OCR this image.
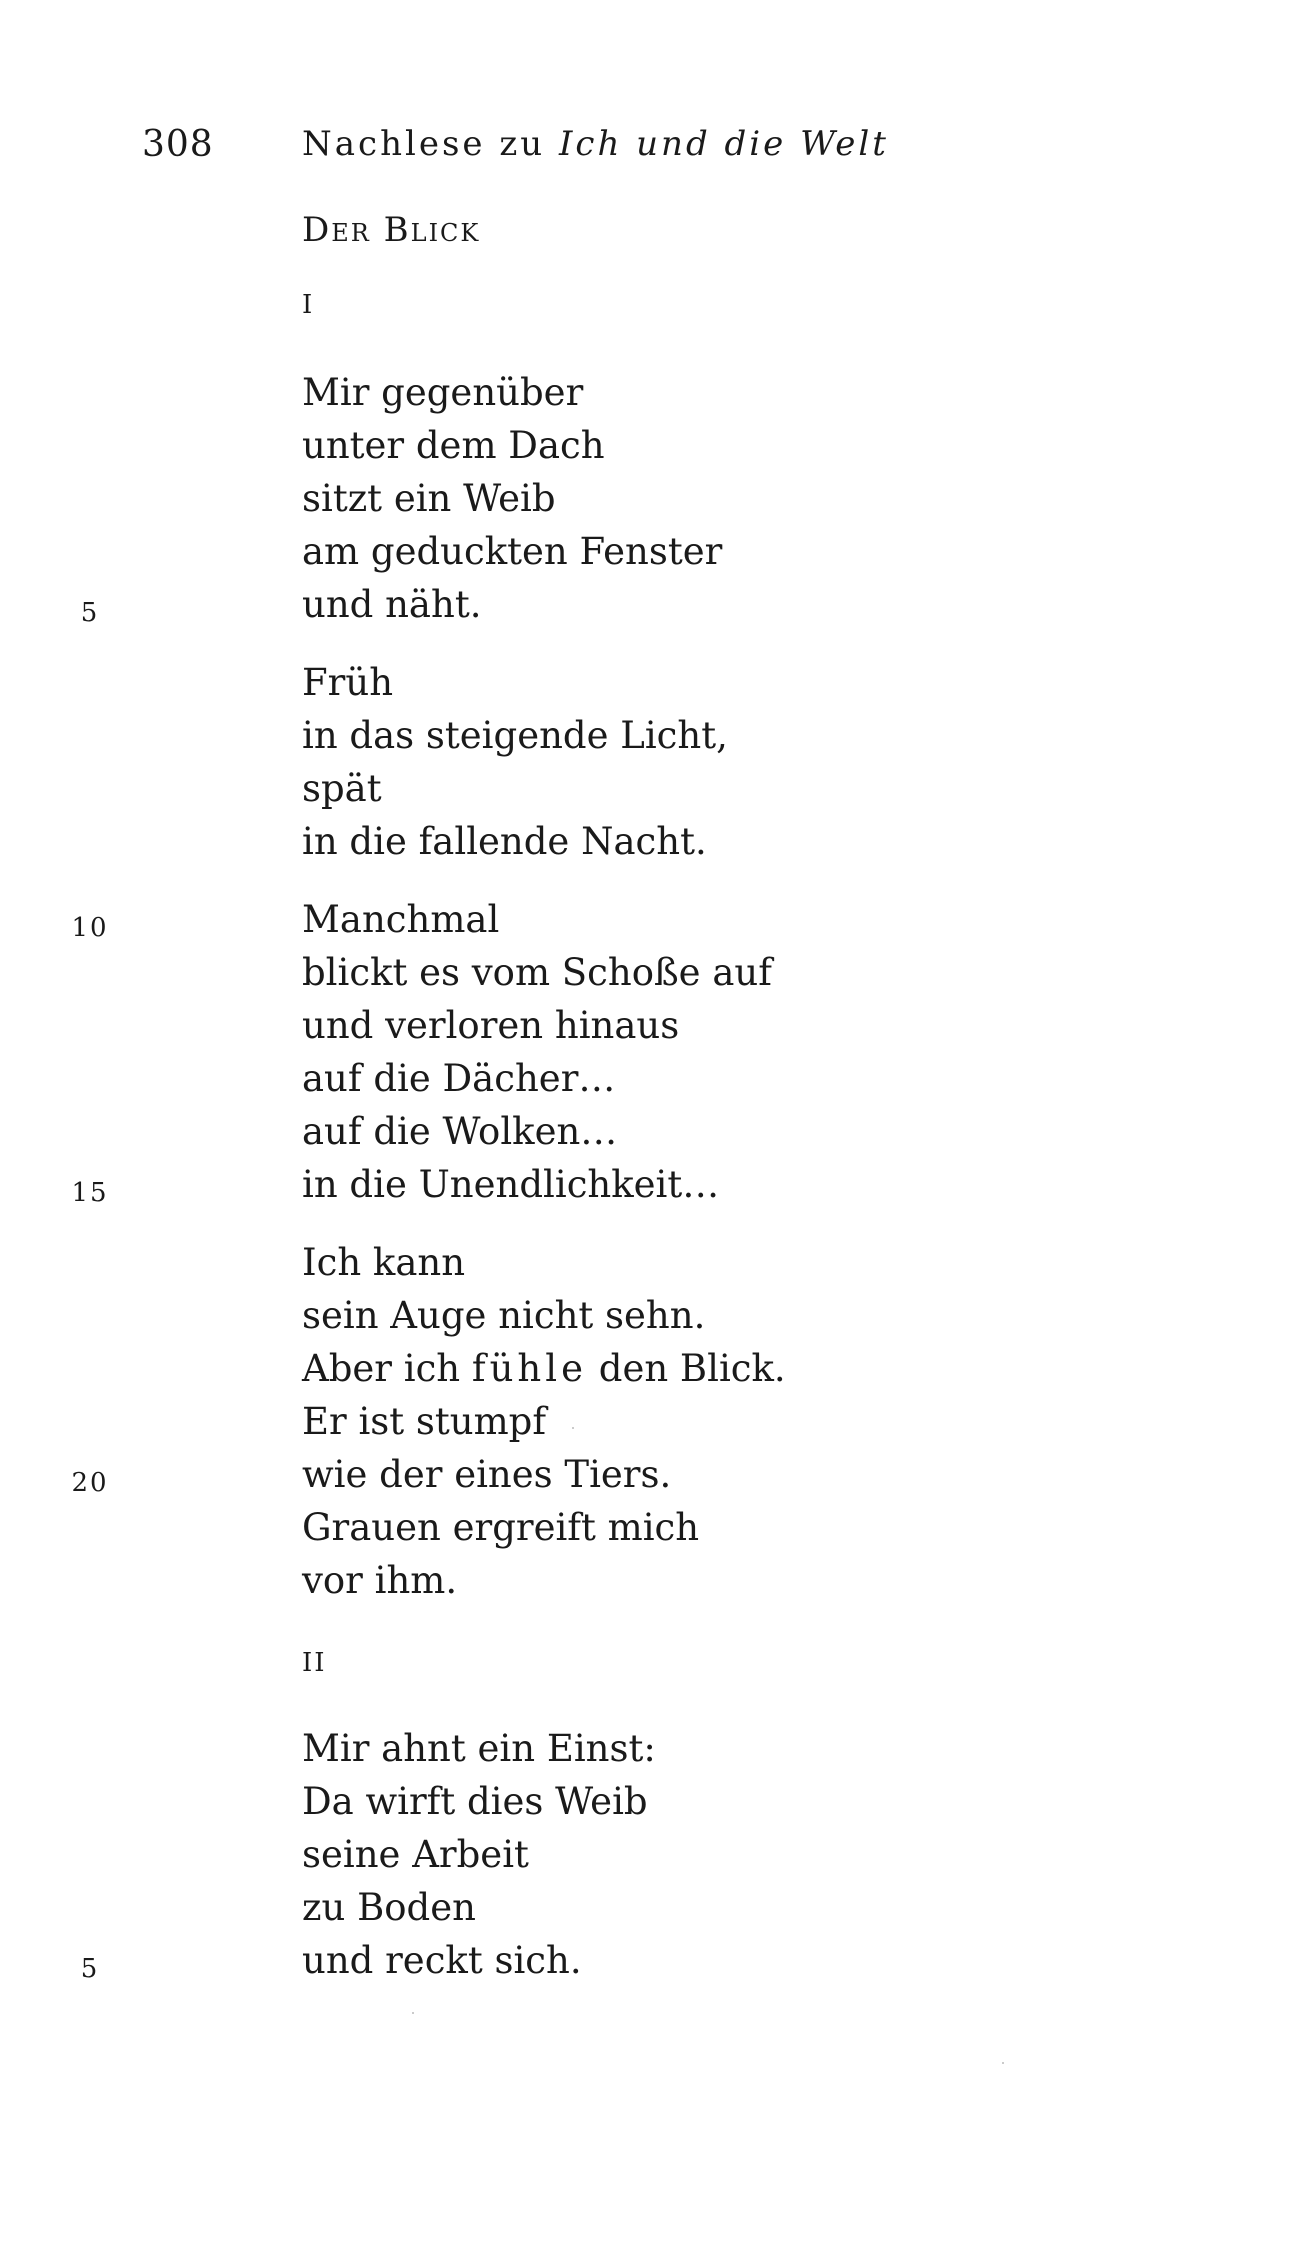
308	Nachlese zu Ich und die Welt
Der Blick
I
Mir gegenüber
unter dem Dach
sitzt ein Weib
am geduckten Fenster
und näht.
5
Früh
in das steigende Licht,
spät
in die fallende Nacht.
Manchmal
10
blickt es vom Schoße auf
und verloren hinaus
auf die Dächer…
auf die Wolken…
in die Unendlichkeit…
15
Ich kann
sein Auge nicht sehn.
Aber ich fühle den Blick.
Er ist stumpf
wie der eines Tiers.
20
Grauen ergreift mich
vor ihm.
II
Mir ahnt ein Einst:
Da wirft dies Weib
seine Arbeit
zu Boden
und reckt sich.
5
